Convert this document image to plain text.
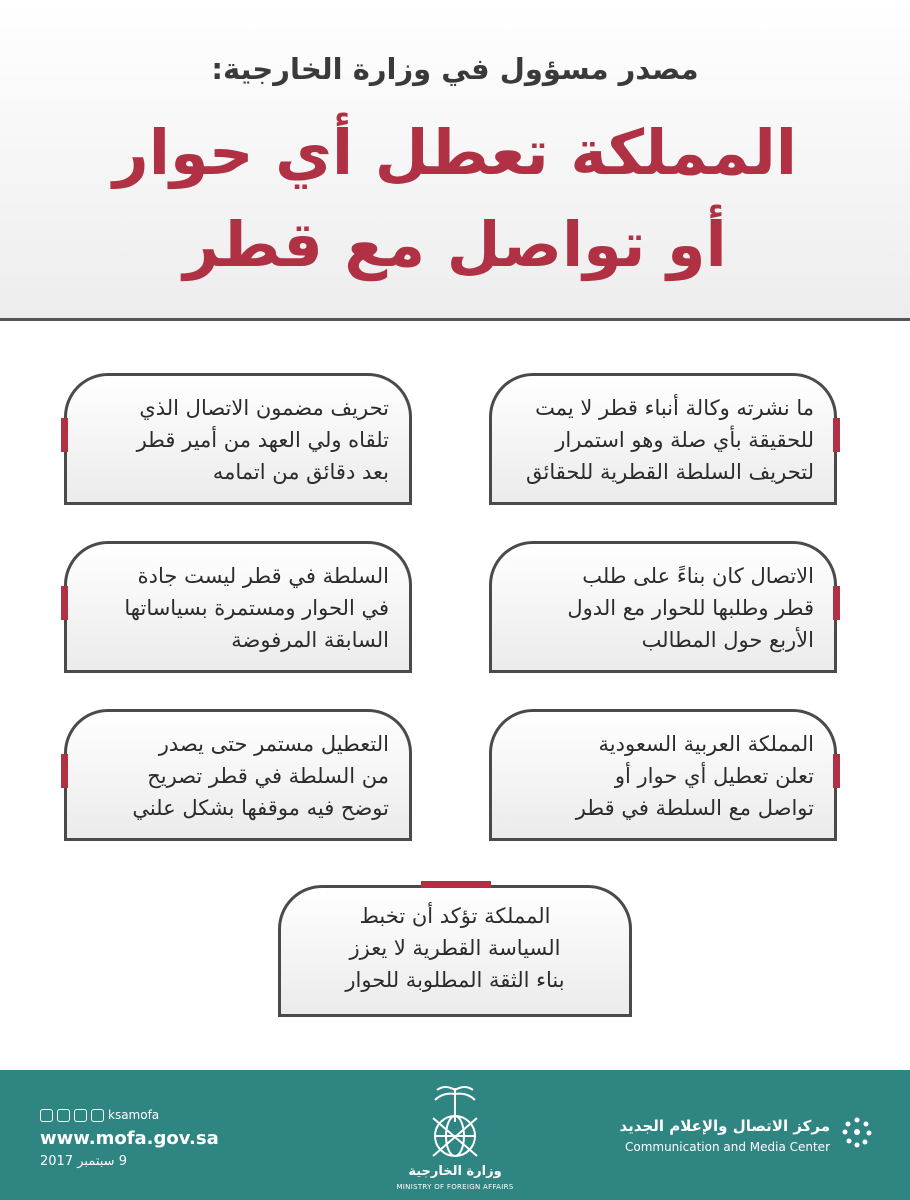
مصدر مسؤول في وزارة الخارجية:
المملكة تعطل أي حوار
أو تواصل مع قطر
ما نشرته وكالة أنباء قطر لا يمت
للحقيقة بأي صلة وهو استمرار
لتحريف السلطة القطرية للحقائق
الاتصال كان بناءً على طلب
قطر وطلبها للحوار مع الدول
الأربع حول المطالب
المملكة العربية السعودية
تعلن تعطيل أي حوار أو
تواصل مع السلطة في قطر
تحريف مضمون الاتصال الذي
تلقاه ولي العهد من أمير قطر
بعد دقائق من اتمامه
السلطة في قطر ليست جادة
في الحوار ومستمرة بسياساتها
السابقة المرفوضة
التعطيل مستمر حتى يصدر
من السلطة في قطر تصريح
توضح فيه موقفها بشكل علني
المملكة تؤكد أن تخبط
السياسة القطرية لا يعزز
بناء الثقة المطلوبة للحوار
ksamofa
www.mofa.gov.sa
9 سبتمبر 2017
وزارة الخارجية
MINISTRY OF FOREIGN AFFAIRS
مركز الاتصال والإعلام الجديد
Communication and Media Center
